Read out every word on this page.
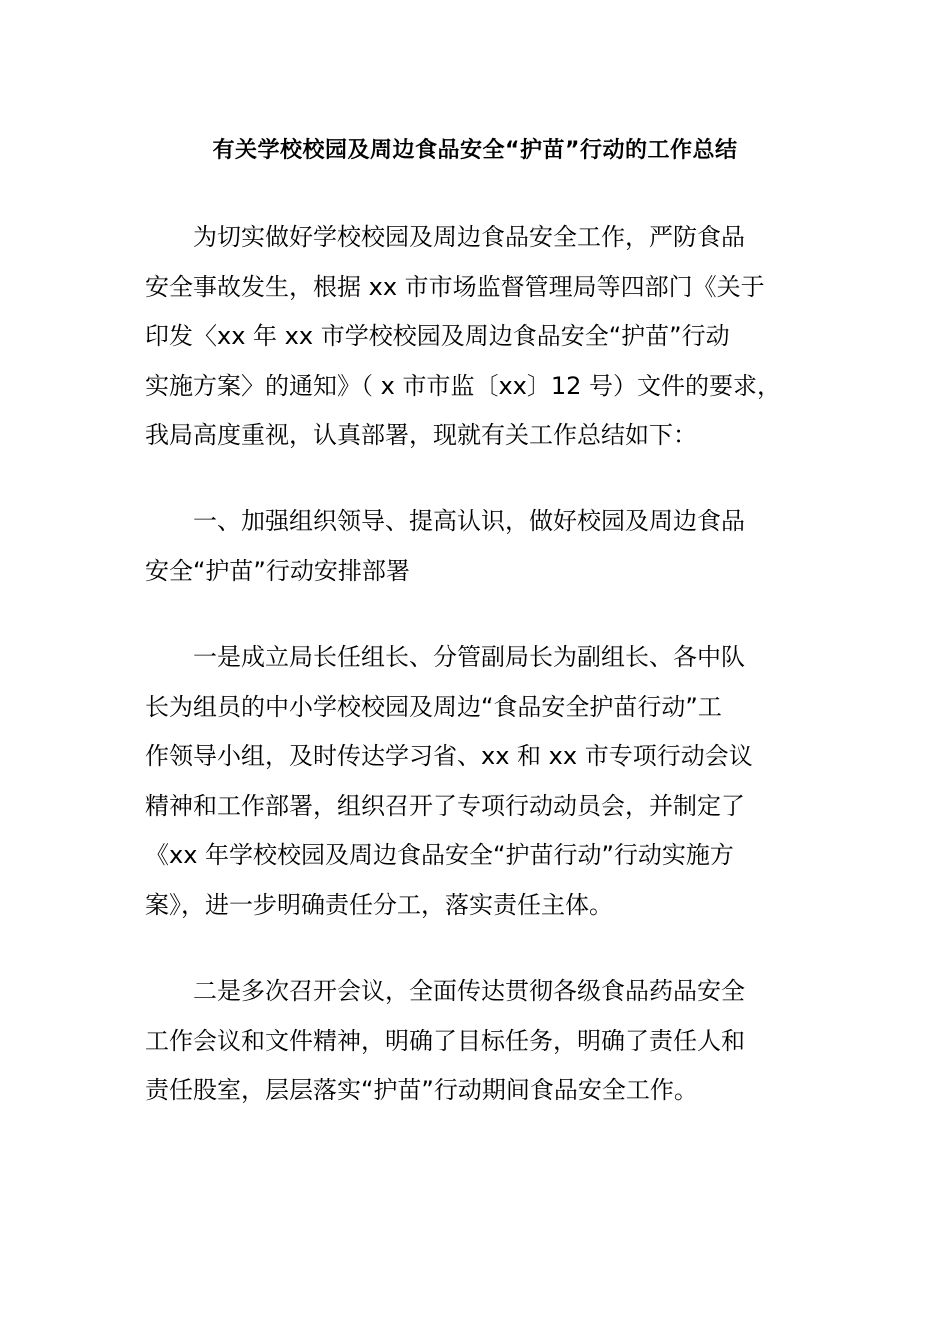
有关学校校园及周边食品安全“护苗”行动的工作总结
为切实做好学校校园及周边食品安全工作，严防食品
安全事故发生，根据 xx 市市场监督管理局等四部门《关于
印发〈xx 年 xx 市学校校园及周边食品安全“护苗”行动
实施方案〉的通知》（ x 市市监〔xx〕12 号）文件的要求，
我局高度重视，认真部署，现就有关工作总结如下：
一、加强组织领导、提高认识，做好校园及周边食品
安全“护苗”行动安排部署
一是成立局长任组长、分管副局长为副组长、各中队
长为组员的中小学校校园及周边“食品安全护苗行动”工
作领导小组，及时传达学习省、xx 和 xx 市专项行动会议
精神和工作部署，组织召开了专项行动动员会，并制定了
《xx 年学校校园及周边食品安全“护苗行动”行动实施方
案》，进一步明确责任分工，落实责任主体。
二是多次召开会议，全面传达贯彻各级食品药品安全
工作会议和文件精神，明确了目标任务，明确了责任人和
责任股室，层层落实“护苗”行动期间食品安全工作。
